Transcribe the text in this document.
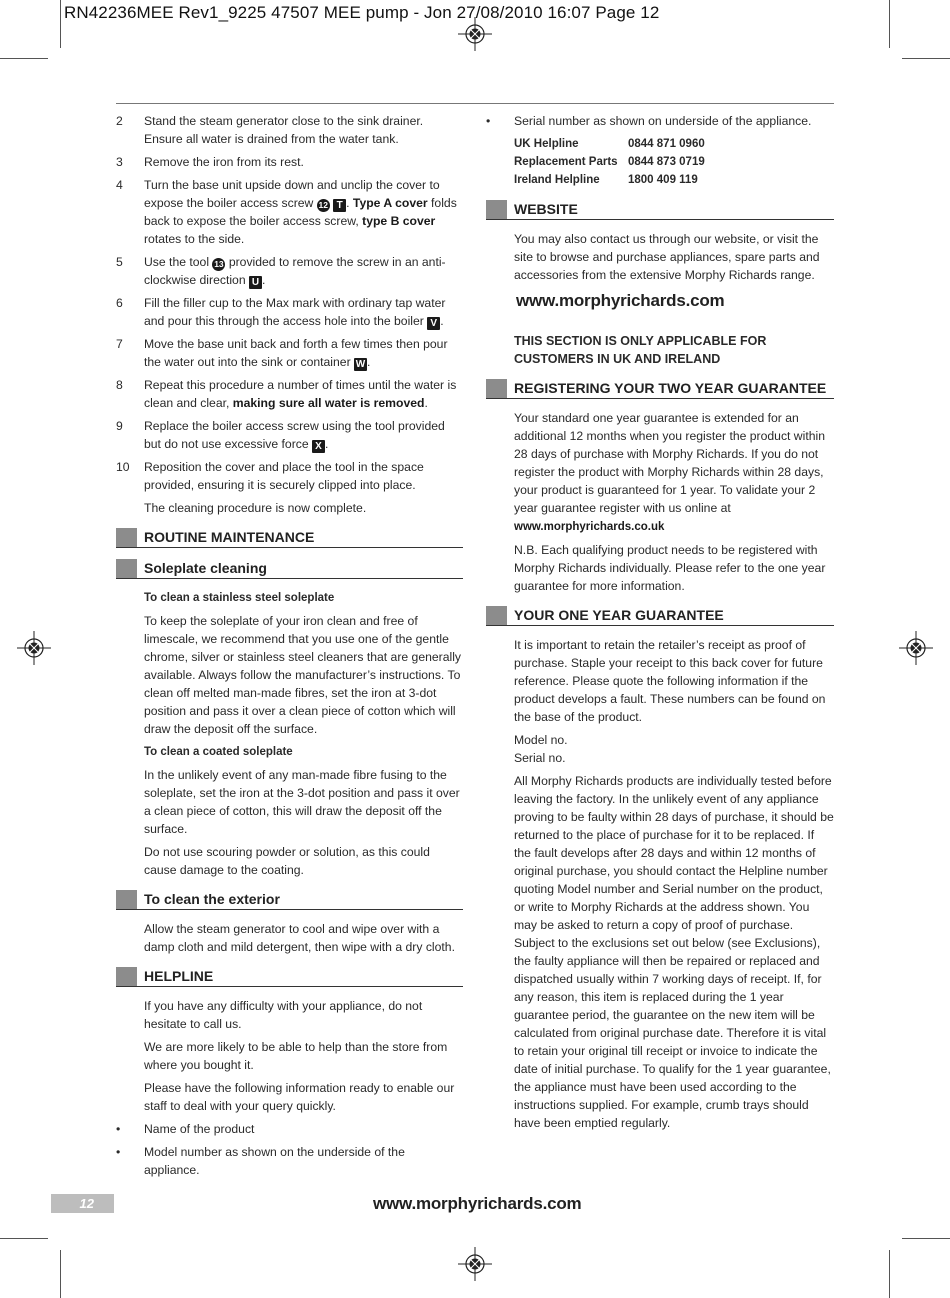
RN42236MEE Rev1_9225 47507 MEE pump - Jon 27/08/2010 16:07 Page 12
2	Stand the steam generator close to the sink drainer. Ensure all water is drained from the water tank.
3	Remove the iron from its rest.
4	Turn the base unit upside down and unclip the cover to expose the boiler access screw 12 T . Type A cover folds back to expose the boiler access screw, type B cover rotates to the side.
5	Use the tool 13 provided to remove the screw in an anti-clockwise direction U .
6	Fill the filler cup to the Max mark with ordinary tap water and pour this through the access hole into the boiler V .
7	Move the base unit back and forth a few times then pour the water out into the sink or container W .
8	Repeat this procedure a number of times until the water is clean and clear, making sure all water is removed.
9	Replace the boiler access screw using the tool provided but do not use excessive force X .
10	Reposition the cover and place the tool in the space provided, ensuring it is securely clipped into place.
The cleaning procedure is now complete.
ROUTINE MAINTENANCE
Soleplate cleaning
To clean a stainless steel soleplate
To keep the soleplate of your iron clean and free of limescale, we recommend that you use one of the gentle chrome, silver or stainless steel cleaners that are generally available. Always follow the manufacturer’s instructions. To clean off melted man-made fibres, set the iron at 3-dot position and pass it over a clean piece of cotton which will draw the deposit off the surface.
To clean a coated soleplate
In the unlikely event of any man-made fibre fusing to the soleplate, set the iron at the 3-dot position and pass it over a clean piece of cotton, this will draw the deposit off the surface.
Do not use scouring powder or solution, as this could cause damage to the coating.
To clean the exterior
Allow the steam generator to cool and wipe over with a damp cloth and mild detergent, then wipe with a dry cloth.
HELPLINE
If you have any difficulty with your appliance, do not hesitate to call us.
We are more likely to be able to help than the store from where you bought it.
Please have the following information ready to enable our staff to deal with your query quickly.
•	Name of the product
•	Model number as shown on the underside of the appliance.
•	Serial number as shown on underside of the appliance.
UK Helpline	0844 871 0960
Replacement Parts 0844 873 0719
Ireland Helpline	1800 409 119
WEBSITE
You may also contact us through our website, or visit the site to browse and purchase appliances, spare parts and accessories from the extensive Morphy Richards range.
www.morphyrichards.com
THIS SECTION IS ONLY APPLICABLE FOR CUSTOMERS IN UK AND IRELAND
REGISTERING YOUR TWO YEAR GUARANTEE
Your standard one year guarantee is extended for an additional 12 months when you register the product within 28 days of purchase with Morphy Richards. If you do not register the product with Morphy Richards within 28 days, your product is guaranteed for 1 year. To validate your 2 year guarantee register with us online at
www.morphyrichards.co.uk
N.B. Each qualifying product needs to be registered with Morphy Richards individually. Please refer to the one year guarantee for more information.
YOUR ONE YEAR GUARANTEE
It is important to retain the retailer’s receipt as proof of purchase. Staple your receipt to this back cover for future reference. Please quote the following information if the product develops a fault. These numbers can be found on the base of the product.
Model no.
Serial no.
All Morphy Richards products are individually tested before leaving the factory. In the unlikely event of any appliance proving to be faulty within 28 days of purchase, it should be returned to the place of purchase for it to be replaced. If the fault develops after 28 days and within 12 months of original purchase, you should contact the Helpline number quoting Model number and Serial number on the product, or write to Morphy Richards at the address shown. You may be asked to return a copy of proof of purchase. Subject to the exclusions set out below (see Exclusions), the faulty appliance will then be repaired or replaced and dispatched usually within 7 working days of receipt. If, for any reason, this item is replaced during the 1 year guarantee period, the guarantee on the new item will be calculated from original purchase date. Therefore it is vital to retain your original till receipt or invoice to indicate the date of initial purchase. To qualify for the 1 year guarantee, the appliance must have been used according to the instructions supplied. For example, crumb trays should have been emptied regularly.
12	www.morphyrichards.com
